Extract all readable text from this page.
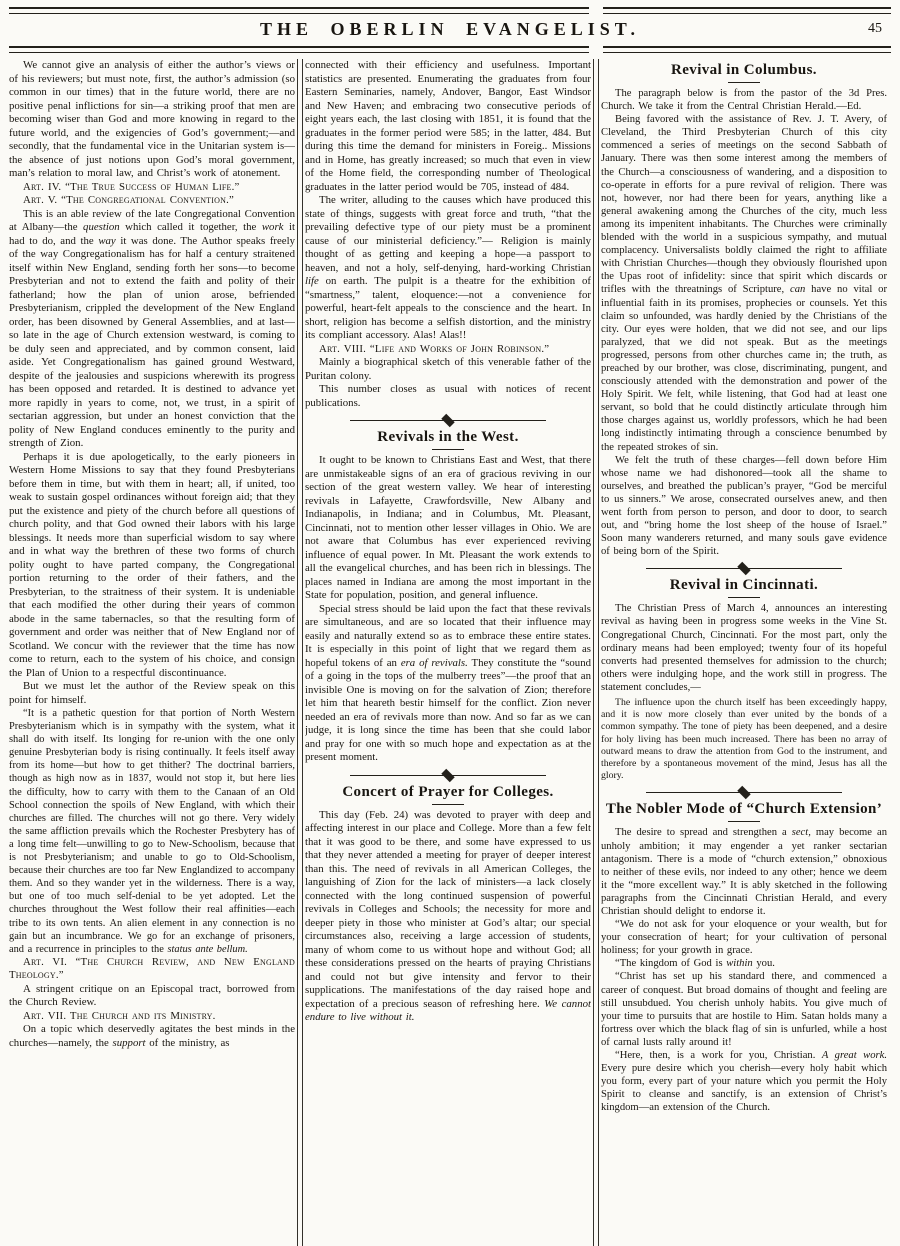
THE OBERLIN EVANGELIST.	45

We cannot give an analysis of either the author’s views or of his reviewers; but must note, first, the author’s admission (so common in our times) that in the future world, there are no positive penal inflictions for sin—a striking proof that men are becoming wiser than God and more knowing in regard to the future world, and the exigencies of God’s government;—and secondly, that the fundamental vice in the Unitarian system is—the absence of just notions upon God’s moral government, man’s relation to moral law, and Christ’s work of atonement.

Art. IV. “The True Success of Human Life.”

Art. V. “The Congregational Convention.”

This is an able review of the late Congregational Convention at Albany—the question which called it together, the work it had to do, and the way it was done. The Author speaks freely of the way Congregationalism has for half a century straitened itself within New England, sending forth her sons—to become Presbyterian and not to extend the faith and polity of their fatherland; how the plan of union arose, befriended Presbyterianism, crippled the development of the New England order, has been disowned by General Assemblies, and at last—so late in the age of Church extension westward, is coming to be duly seen and appreciated, and by common consent, laid aside. Yet Congregationalism has gained ground Westward, despite of the jealousies and suspicions wherewith its progress has been opposed and retarded. It is destined to advance yet more rapidly in years to come, not, we trust, in a spirit of sectarian aggression, but under an honest conviction that the polity of New England conduces eminently to the purity and strength of Zion.

Perhaps it is due apologetically, to the early pioneers in Western Home Missions to say that they found Presbyterians before them in time, but with them in heart; all, if united, too weak to sustain gospel ordinances without foreign aid; that they put the existence and piety of the church before all questions of church polity, and that God owned their labors with his large blessings. It needs more than superficial wisdom to say where and in what way the brethren of these two forms of church polity ought to have parted company, the Congregational portion returning to the order of their fathers, and the Presbyterian, to the straitness of their system. It is undeniable that each modified the other during their years of common abode in the same tabernacles, so that the resulting form of government and order was neither that of New England nor of Scotland. We concur with the reviewer that the time has now come to return, each to the system of his choice, and consign the Plan of Union to a respectful discontinuance.

But we must let the author of the Review speak on this point for himself.

“It is a pathetic question for that portion of North Western Presbyterianism which is in sympathy with the system, what it shall do with itself. Its longing for re-union with the one only genuine Presbyterian body is rising continually. It feels itself away from its home—but how to get thither? The doctrinal barriers, though as high now as in 1837, would not stop it, but here lies the difficulty, how to carry with them to the Canaan of an Old School connection the spoils of New England, with which their churches are filled. The churches will not go there. Very widely the same affliction prevails which the Rochester Presbytery has of a long time felt—unwilling to go to New-Schoolism, because that is not Presbyterianism; and unable to go to Old-Schoolism, because their churches are too far New Englandized to accompany them. And so they wander yet in the wilderness. There is a way, but one of too much self-denial to be yet adopted. Let the churches throughout the West follow their real affinities—each tribe to its own tents. An alien element in any connection is no gain but an incumbrance. We go for an exchange of prisoners, and a recurrence in principles to the status ante bellum.

Art. VI. “The Church Review, and New England Theology.”

A stringent critique on an Episcopal tract, borrowed from the Church Review.

Art. VII. The Church and its Ministry.

On a topic which deservedly agitates the best minds in the churches—namely, the support of the ministry, as

connected with their efficiency and usefulness. Important statistics are presented. Enumerating the graduates from four Eastern Seminaries, namely, Andover, Bangor, East Windsor and New Haven; and embracing two consecutive periods of eight years each, the last closing with 1851, it is found that the graduates in the former period were 585; in the latter, 484. But during this time the demand for ministers in Foreig.. Missions and in Home, has greatly increased; so much that even in view of the Home field, the corresponding number of Theological graduates in the latter period would be 705, instead of 484.

The writer, alluding to the causes which have produced this state of things, suggests with great force and truth, “that the prevailing defective type of our piety must be a prominent cause of our ministerial deficiency.”— Religion is mainly thought of as getting and keeping a hope—a passport to heaven, and not a holy, self-denying, hard-working Christian life on earth. The pulpit is a theatre for the exhibition of “smartness,” talent, eloquence:—not a convenience for powerful, heart-felt appeals to the conscience and the heart. In short, religion has become a selfish distortion, and the ministry its compliant accessory. Alas! Alas!!

Art. VIII. “Life and Works of John Robinson.”

Mainly a biographical sketch of this venerable father of the Puritan colony.

This number closes as usual with notices of recent publications.

Revivals in the West.

It ought to be known to Christians East and West, that there are unmistakeable signs of an era of gracious reviving in our section of the great western valley. We hear of interesting revivals in Lafayette, Crawfordsville, New Albany and Indianapolis, in Indiana; and in Columbus, Mt. Pleasant, Cincinnati, not to mention other lesser villages in Ohio. We are not aware that Columbus has ever experienced reviving influence of equal power. In Mt. Pleasant the work extends to all the evangelical churches, and has been rich in blessings. The places named in Indiana are among the most important in the State for population, position, and general influence.

Special stress should be laid upon the fact that these revivals are simultaneous, and are so located that their influence may easily and naturally extend so as to embrace these entire states. It is especially in this point of light that we regard them as hopeful tokens of an era of revivals. They constitute the “sound of a going in the tops of the mulberry trees”—the proof that an invisible One is moving on for the salvation of Zion; therefore let him that heareth bestir himself for the conflict. Zion never needed an era of revivals more than now. And so far as we can judge, it is long since the time has been that she could labor and pray for one with so much hope and expectation as at the present moment.

Concert of Prayer for Colleges.

This day (Feb. 24) was devoted to prayer with deep and affecting interest in our place and College. More than a few felt that it was good to be there, and some have expressed to us that they never attended a meeting for prayer of deeper interest than this. The need of revivals in all American Colleges, the languishing of Zion for the lack of ministers—a lack closely connected with the long continued suspension of powerful revivals in Colleges and Schools; the necessity for more and deeper piety in those who minister at God’s altar; our special circumstances also, receiving a large accession of students, many of whom come to us without hope and without God; all these considerations pressed on the hearts of praying Christians and could not but give intensity and fervor to their supplications. The manifestations of the day raised hope and expectation of a precious season of refreshing here. We cannot endure to live without it.

Revival in Columbus.

The paragraph below is from the pastor of the 3d Pres. Church. We take it from the Central Christian Herald.—Ed.

Being favored with the assistance of Rev. J. T. Avery, of Cleveland, the Third Presbyterian Church of this city commenced a series of meetings on the second Sabbath of January. There was then some interest among the members of the Church—a consciousness of wandering, and a disposition to co-operate in efforts for a pure revival of religion. There was not, however, nor had there been for years, anything like a general awakening among the Churches of the city, much less among its impenitent inhabitants. The Churches were criminally blended with the world in a suspicious sympathy, and mutual complacency. Universalists boldly claimed the right to affiliate with Christian Churches—though they obviously flourished upon the Upas root of infidelity: since that spirit which discards or trifles with the threatnings of Scripture, can have no vital or influential faith in its promises, prophecies or counsels. Yet this claim so unfounded, was hardly denied by the Christians of the city. Our eyes were holden, that we did not see, and our lips paralyzed, that we did not speak. But as the meetings progressed, persons from other churches came in; the truth, as preached by our brother, was close, discriminating, pungent, and consciously attended with the demonstration and power of the Holy Spirit. We felt, while listening, that God had at least one servant, so bold that he could distinctly articulate through him those charges against us, worldly professors, which he had been long indistinctly intimating through a conscience benumbed by the repeated strokes of sin.

We felt the truth of these charges—fell down before Him whose name we had dishonored—took all the shame to ourselves, and breathed the publican’s prayer, “God be merciful to us sinners.” We arose, consecrated ourselves anew, and then went forth from person to person, and door to door, to search out, and “bring home the lost sheep of the house of Israel.” Soon many wanderers returned, and many souls gave evidence of being born of the Spirit.

Revival in Cincinnati.

The Christian Press of March 4, announces an interesting revival as having been in progress some weeks in the Vine St. Congregational Church, Cincinnati. For the most part, only the ordinary means had been employed; twenty four of its hopeful converts had presented themselves for admission to the church; others were indulging hope, and the work still in progress. The statement concludes,—

The influence upon the church itself has been exceedingly happy, and it is now more closely than ever united by the bonds of a common sympathy. The tone of piety has been deepened, and a desire for holy living has been much increased. There has been no array of outward means to draw the attention from God to the instrument, and therefore by a spontaneous movement of the mind, Jesus has all the glory.

The Nobler Mode of “Church Extension’

The desire to spread and strengthen a sect, may become an unholy ambition; it may engender a yet ranker sectarian antagonism. There is a mode of “church extension,” obnoxious to neither of these evils, nor indeed to any other; hence we deem it the “more excellent way.” It is ably sketched in the following paragraphs from the Cincinnati Christian Herald, and every Christian should delight to endorse it.

“We do not ask for your eloquence or your wealth, but for your consecration of heart; for your cultivation of personal holiness; for your growth in grace.

“The kingdom of God is within you.

“Christ has set up his standard there, and commenced a career of conquest. But broad domains of thought and feeling are still unsubdued. You cherish unholy habits. You give much of your time to pursuits that are hostile to Him. Satan holds many a fortress over which the black flag of sin is unfurled, while a host of carnal lusts rally around it!

“Here, then, is a work for you, Christian. A great work. Every pure desire which you cherish—every holy habit which you form, every part of your nature which you permit the Holy Spirit to cleanse and sanctify, is an extension of Christ’s kingdom—an extension of the Church.
